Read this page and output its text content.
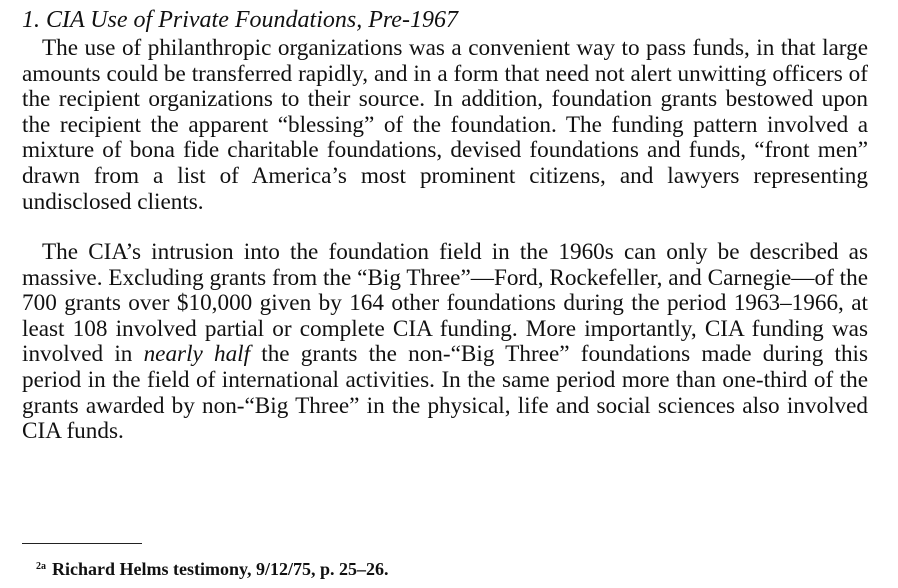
1. CIA Use of Private Foundations, Pre-1967

The use of philanthropic organizations was a convenient way to pass funds, in that large amounts could be transferred rapidly, and in a form that need not alert unwitting officers of the recipient organizations to their source. In addition, foundation grants bestowed upon the recipient the apparent “blessing” of the foundation. The funding pattern involved a mixture of bona fide charitable foundations, devised foundations and funds, “front men” drawn from a list of America’s most prominent citizens, and lawyers representing undisclosed clients.

The CIA’s intrusion into the foundation field in the 1960s can only be described as massive. Excluding grants from the “Big Three”—Ford, Rockefeller, and Carnegie—of the 700 grants over $10,000 given by 164 other foundations during the period 1963–1966, at least 108 involved partial or complete CIA funding. More importantly, CIA funding was involved in nearly half the grants the non-“Big Three” foundations made during this period in the field of international activities. In the same period more than one-third of the grants awarded by non-“Big Three” in the physical, life and social sciences also involved CIA funds.

$^{2a}$ Richard Helms testimony, 9/12/75, p. 25–26.
